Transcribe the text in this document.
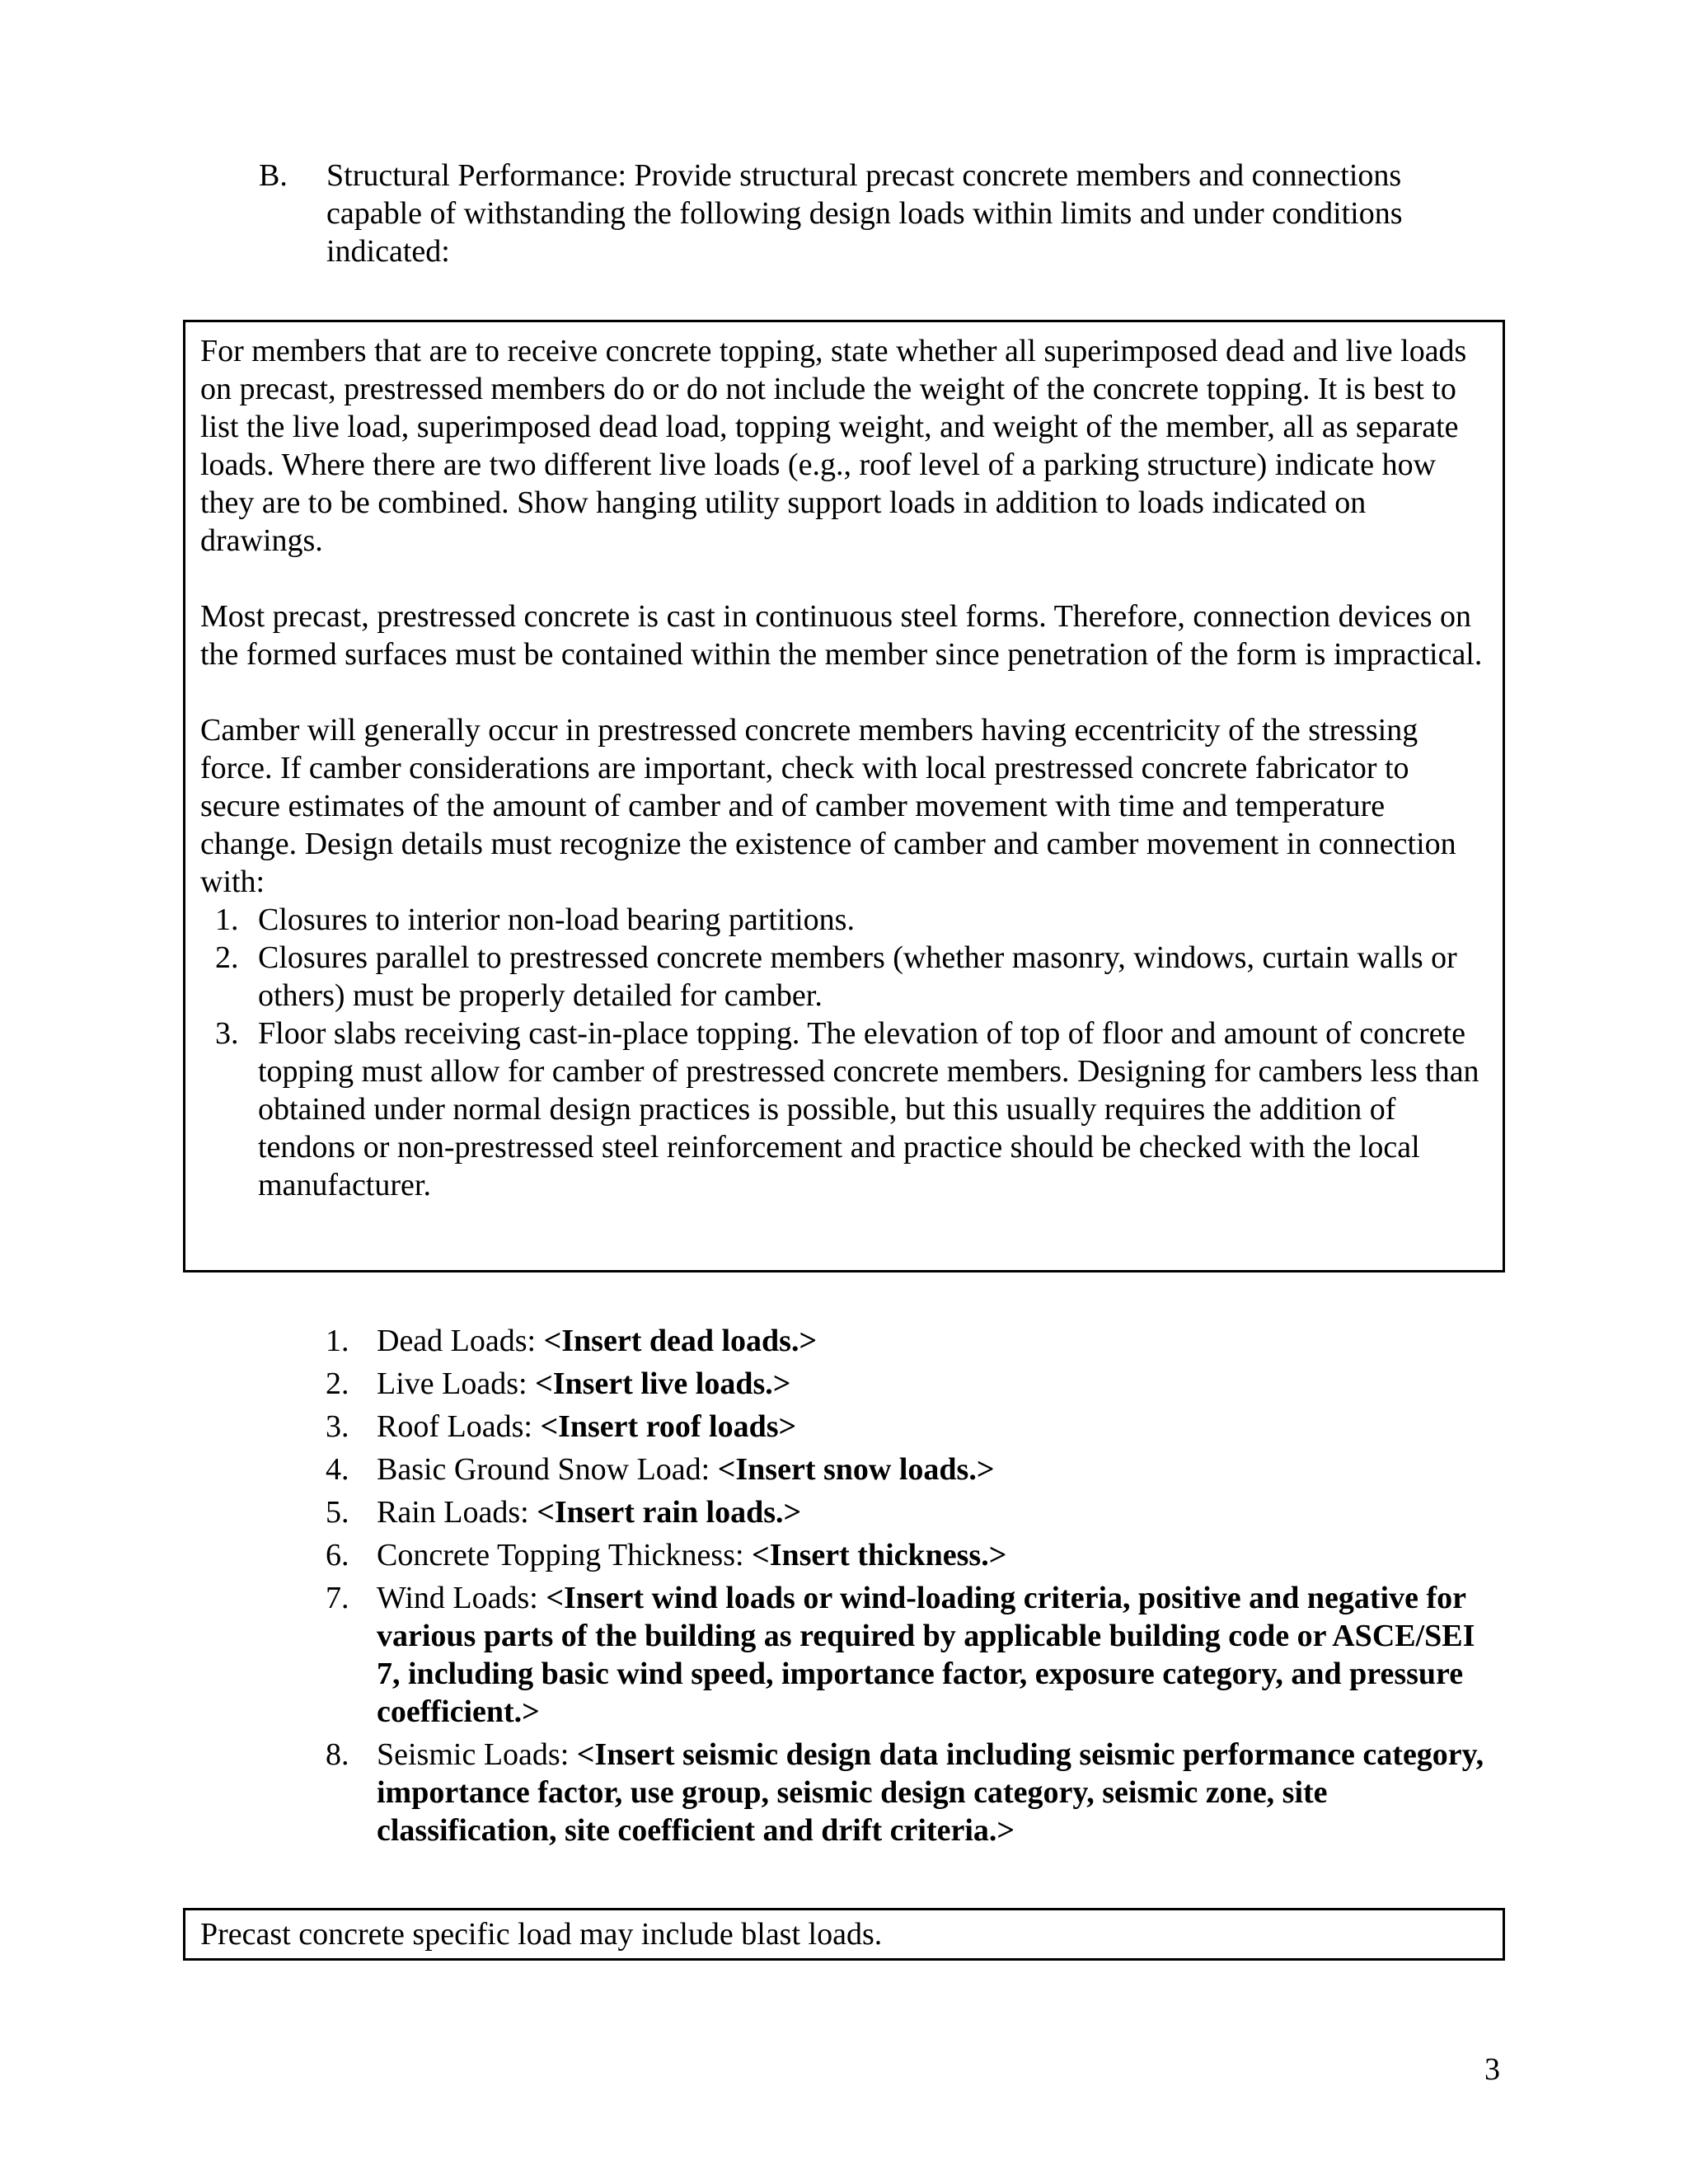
B. Structural Performance: Provide structural precast concrete members and connections capable of withstanding the following design loads within limits and under conditions indicated:

For members that are to receive concrete topping, state whether all superimposed dead and live loads on precast, prestressed members do or do not include the weight of the concrete topping. It is best to list the live load, superimposed dead load, topping weight, and weight of the member, all as separate loads. Where there are two different live loads (e.g., roof level of a parking structure) indicate how they are to be combined. Show hanging utility support loads in addition to loads indicated on drawings.

Most precast, prestressed concrete is cast in continuous steel forms. Therefore, connection devices on the formed surfaces must be contained within the member since penetration of the form is impractical.

Camber will generally occur in prestressed concrete members having eccentricity of the stressing force. If camber considerations are important, check with local prestressed concrete fabricator to secure estimates of the amount of camber and of camber movement with time and temperature change. Design details must recognize the existence of camber and camber movement in connection with:

1. Closures to interior non-load bearing partitions.
2. Closures parallel to prestressed concrete members (whether masonry, windows, curtain walls or others) must be properly detailed for camber.
3. Floor slabs receiving cast-in-place topping. The elevation of top of floor and amount of concrete topping must allow for camber of prestressed concrete members. Designing for cambers less than obtained under normal design practices is possible, but this usually requires the addition of tendons or non-prestressed steel reinforcement and practice should be checked with the local manufacturer.
1. Dead Loads: <Insert dead loads.>
2. Live Loads: <Insert live loads.>
3. Roof Loads: <Insert roof loads>
4. Basic Ground Snow Load: <Insert snow loads.>
5. Rain Loads: <Insert rain loads.>
6. Concrete Topping Thickness: <Insert thickness.>
7. Wind Loads: <Insert wind loads or wind-loading criteria, positive and negative for various parts of the building as required by applicable building code or ASCE/SEI 7, including basic wind speed, importance factor, exposure category, and pressure coefficient.>
8. Seismic Loads: <Insert seismic design data including seismic performance category, importance factor, use group, seismic design category, seismic zone, site classification, site coefficient and drift criteria.>
Precast concrete specific load may include blast loads.
3
